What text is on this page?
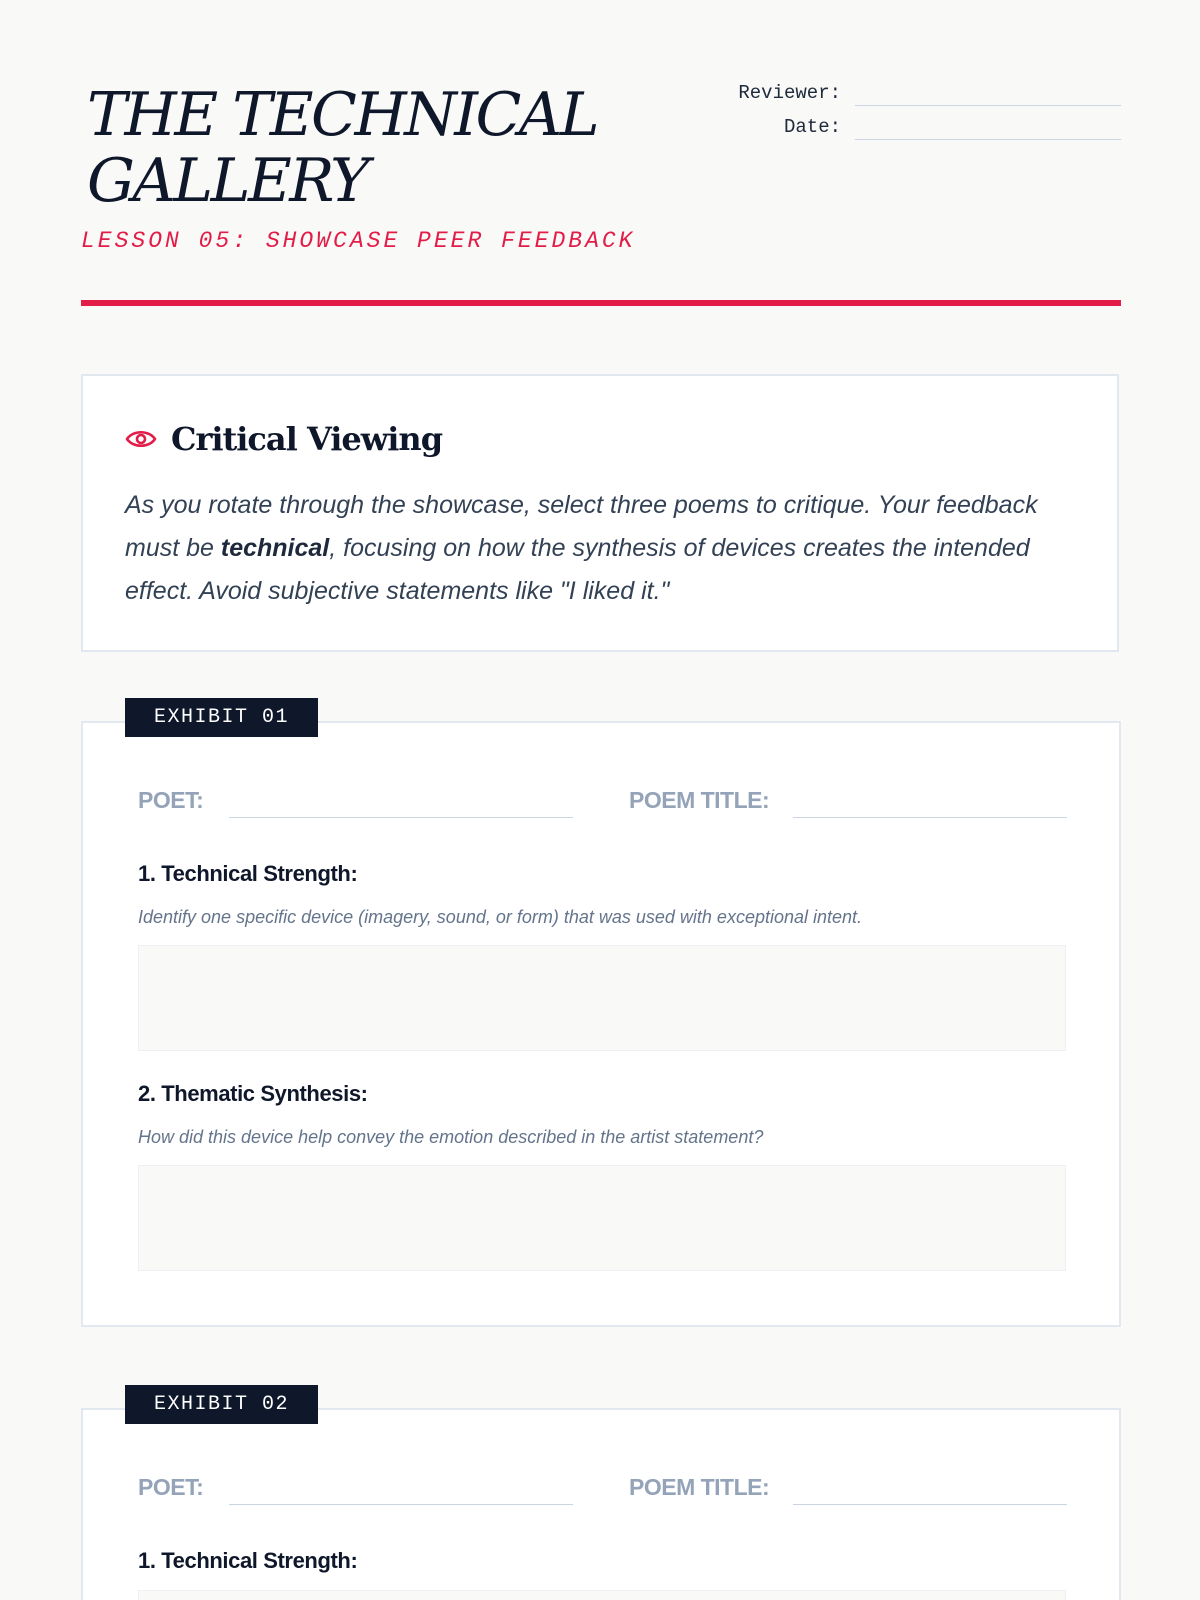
THE TECHNICAL
GALLERY
LESSON 05: SHOWCASE PEER FEEDBACK
Reviewer:
Date:
Critical Viewing

As you rotate through the showcase, select three poems to critique. Your feedback must be technical, focusing on how the synthesis of devices creates the intended effect. Avoid subjective statements like "I liked it."

EXHIBIT 01
POET:	POEM TITLE:
1. Technical Strength:
Identify one specific device (imagery, sound, or form) that was used with exceptional intent.
2. Thematic Synthesis:
How did this device help convey the emotion described in the artist statement?
EXHIBIT 02
POET:	POEM TITLE:
1. Technical Strength:
